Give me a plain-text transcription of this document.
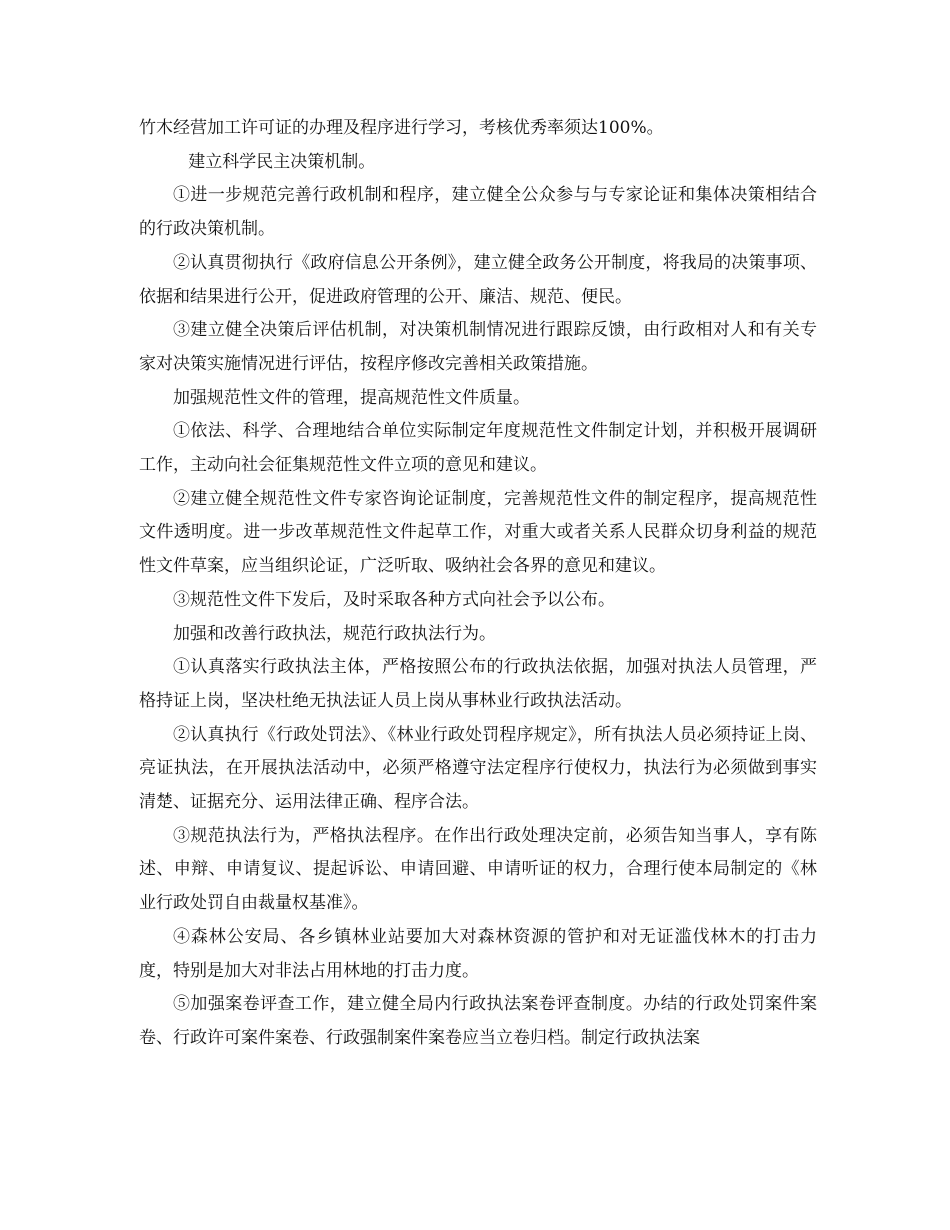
竹木经营加工许可证的办理及程序进行学习，考核优秀率须达100%。

建立科学民主决策机制。

①进一步规范完善行政机制和程序，建立健全公众参与与专家论证和集体决策相结合的行政决策机制。

②认真贯彻执行《政府信息公开条例》，建立健全政务公开制度，将我局的决策事项、依据和结果进行公开，促进政府管理的公开、廉洁、规范、便民。

③建立健全决策后评估机制，对决策机制情况进行跟踪反馈，由行政相对人和有关专家对决策实施情况进行评估，按程序修改完善相关政策措施。

加强规范性文件的管理，提高规范性文件质量。

①依法、科学、合理地结合单位实际制定年度规范性文件制定计划，并积极开展调研工作，主动向社会征集规范性文件立项的意见和建议。

②建立健全规范性文件专家咨询论证制度，完善规范性文件的制定程序，提高规范性文件透明度。进一步改革规范性文件起草工作，对重大或者关系人民群众切身利益的规范性文件草案，应当组织论证，广泛听取、吸纳社会各界的意见和建议。

③规范性文件下发后，及时采取各种方式向社会予以公布。

加强和改善行政执法，规范行政执法行为。

①认真落实行政执法主体，严格按照公布的行政执法依据，加强对执法人员管理，严格持证上岗，坚决杜绝无执法证人员上岗从事林业行政执法活动。

②认真执行《行政处罚法》、《林业行政处罚程序规定》，所有执法人员必须持证上岗、亮证执法，在开展执法活动中，必须严格遵守法定程序行使权力，执法行为必须做到事实清楚、证据充分、运用法律正确、程序合法。

③规范执法行为，严格执法程序。在作出行政处理决定前，必须告知当事人，享有陈述、申辩、申请复议、提起诉讼、申请回避、申请听证的权力，合理行使本局制定的《林业行政处罚自由裁量权基准》。

④森林公安局、各乡镇林业站要加大对森林资源的管护和对无证滥伐林木的打击力度，特别是加大对非法占用林地的打击力度。

⑤加强案卷评查工作，建立健全局内行政执法案卷评查制度。办结的行政处罚案件案卷、行政许可案件案卷、行政强制案件案卷应当立卷归档。制定行政执法案
